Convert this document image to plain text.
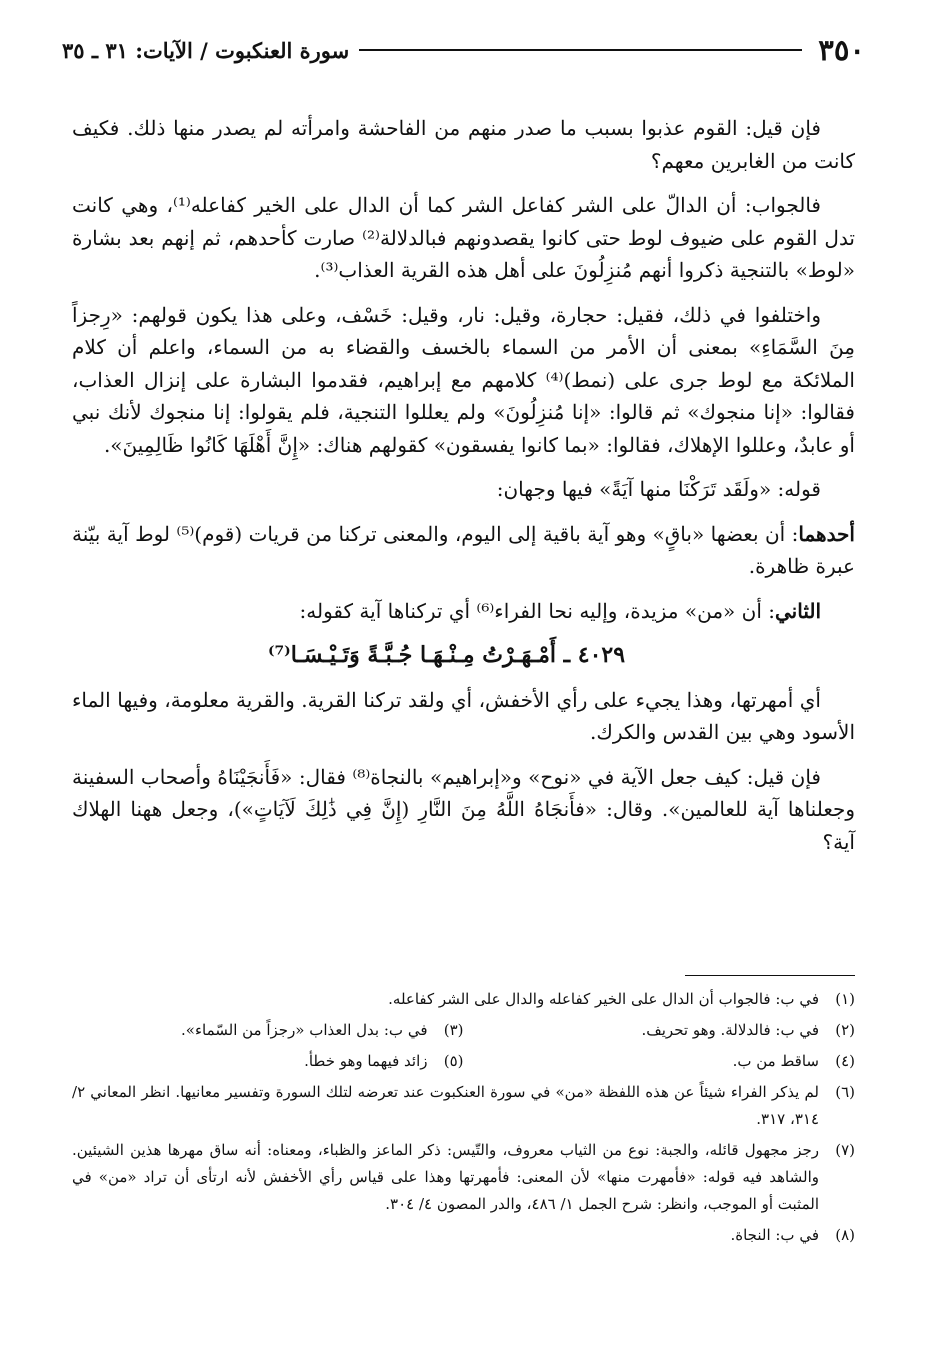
٣٥٠
سورة العنكبوت / الآيات: ٣١ ـ ٣٥

فإن قيل: القوم عذبوا بسبب ما صدر منهم من الفاحشة وامرأته لم يصدر منها ذلك. فكيف كانت من الغابرين معهم؟

فالجواب: أن الدالّ على الشر كفاعل الشر كما أن الدال على الخير كفاعله⁽¹⁾، وهي كانت تدل القوم على ضيوف لوط حتى كانوا يقصدونهم فبالدلالة⁽²⁾ صارت كأحدهم، ثم إنهم بعد بشارة «لوط» بالتنجية ذكروا أنهم مُنزِلُونَ على أهل هذه القرية العذاب⁽³⁾.

واختلفوا في ذلك، فقيل: حجارة، وقيل: نار، وقيل: خَسْف، وعلى هذا يكون قولهم: «رِجزاً مِنَ السَّمَاءِ» بمعنى أن الأمر من السماء بالخسف والقضاء به من السماء، واعلم أن كلام الملائكة مع لوط جرى على (نمط)⁽⁴⁾ كلامهم مع إبراهيم، فقدموا البشارة على إنزال العذاب، فقالوا: «إنا منجوك» ثم قالوا: «إنا مُنزِلُونَ» ولم يعللوا التنجية، فلم يقولوا: إنا منجوك لأنك نبي أو عابدٌ، وعللوا الإهلاك، فقالوا: «بما كانوا يفسقون» كقولهم هناك: «إِنَّ أَهْلَهَا كَانُوا ظَالِمِينَ».

قوله: «ولَقَد تَرَكْنَا منها آيَةً» فيها وجهان:

أحدهما: أن بعضها «باقٍ» وهو آية باقية إلى اليوم، والمعنى تركنا من قريات (قوم)⁽⁵⁾ لوط آية بيّنة عبرة ظاهرة.

الثاني: أن «من» مزيدة، وإليه نحا الفراء⁽⁶⁾ أي تركناها آية كقوله:

٤٠٢٩ ـ أَمْـهَـرْتُ مِـنْـهَـا جُـبَّـةً وَتَـيْـسَـا⁽⁷⁾

أي أمهرتها، وهذا يجيء على رأي الأخفش، أي ولقد تركنا القرية. والقرية معلومة، وفيها الماء الأسود وهي بين القدس والكرك.

فإن قيل: كيف جعل الآية في «نوح» و«إبراهيم» بالنجاة⁽⁸⁾ فقال: «فَأَنجَيْنَاهُ وأصحاب السفينة وجعلناها آية للعالمين». وقال: «فأَنجَاهُ اللَّهُ مِنَ النَّارِ (إِنَّ فِي ذَٰلِكَ لَآيَاتٍ»)، وجعل ههنا الهلاك آية؟

(١)
في ب: فالجواب أن الدال على الخير كفاعله والدال على الشر كفاعله.
(٢)
في ب: فالدلالة. وهو تحريف.
(٣)
في ب: بدل العذاب «رجزاً من السّماء».
(٤)
ساقط من ب.
(٥)
زائد فيهما وهو خطأ.
(٦)
لم يذكر الفراء شيئاً عن هذه اللفظة «من» في سورة العنكبوت عند تعرضه لتلك السورة وتفسير معانيها. انظر المعاني ٢/ ٣١٤، ٣١٧.
(٧)
رجز مجهول قائله، والجبة: نوع من الثياب معروف، والتّيس: ذكر الماعز والظباء، ومعناه: أنه ساق مهرها هذين الشيئين. والشاهد فيه قوله: «فأمهرت منها» لأن المعنى: فأمهرتها وهذا على قياس رأي الأخفش لأنه ارتأى أن تراد «من» في المثبت أو الموجب، وانظر: شرح الجمل ١/ ٤٨٦، والدر المصون ٤/ ٣٠٤.
(٨)
في ب: النجاة.
